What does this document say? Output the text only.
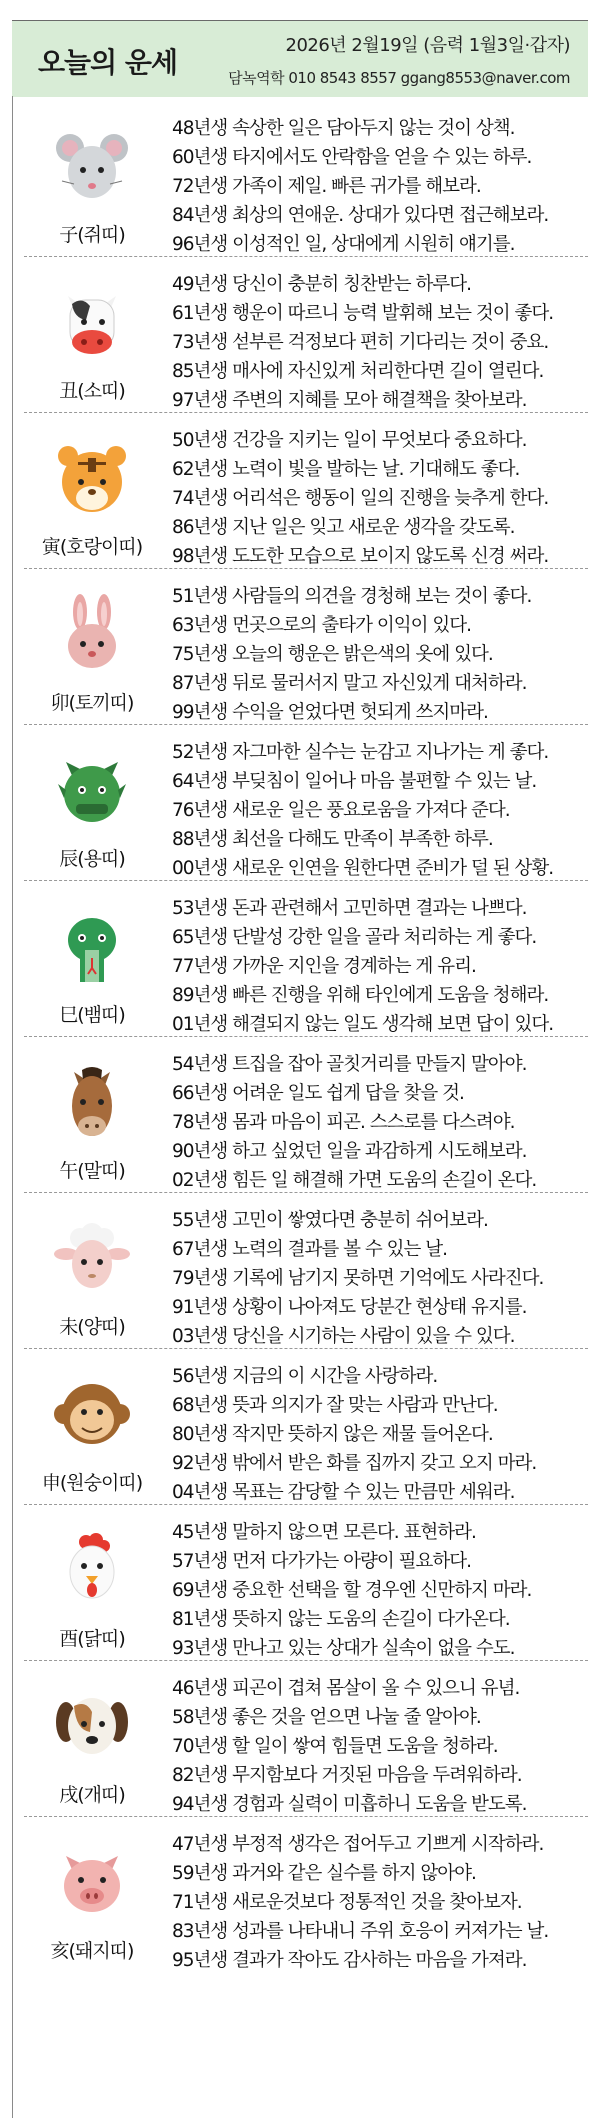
오늘의 운세
2026년 2월19일 (음력 1월3일·갑자)
담녹역학 010 8543 8557 ggang8553@naver.com
子(쥐띠)
48년생 속상한 일은 담아두지 않는 것이 상책.
60년생 타지에서도 안락함을 얻을 수 있는 하루.
72년생 가족이 제일. 빠른 귀가를 해보라.
84년생 최상의 연애운. 상대가 있다면 접근해보라.
96년생 이성적인 일, 상대에게 시원히 얘기를.
丑(소띠)
49년생 당신이 충분히 칭찬받는 하루다.
61년생 행운이 따르니 능력 발휘해 보는 것이 좋다.
73년생 섣부른 걱정보다 편히 기다리는 것이 중요.
85년생 매사에 자신있게 처리한다면 길이 열린다.
97년생 주변의 지혜를 모아 해결책을 찾아보라.
寅(호랑이띠)
50년생 건강을 지키는 일이 무엇보다 중요하다.
62년생 노력이 빛을 발하는 날. 기대해도 좋다.
74년생 어리석은 행동이 일의 진행을 늦추게 한다.
86년생 지난 일은 잊고 새로운 생각을 갖도록.
98년생 도도한 모습으로 보이지 않도록 신경 써라.
卯(토끼띠)
51년생 사람들의 의견을 경청해 보는 것이 좋다.
63년생 먼곳으로의 출타가 이익이 있다.
75년생 오늘의 행운은 밝은색의 옷에 있다.
87년생 뒤로 물러서지 말고 자신있게 대처하라.
99년생 수익을 얻었다면 헛되게 쓰지마라.
辰(용띠)
52년생 자그마한 실수는 눈감고 지나가는 게 좋다.
64년생 부딪침이 일어나 마음 불편할 수 있는 날.
76년생 새로운 일은 풍요로움을 가져다 준다.
88년생 최선을 다해도 만족이 부족한 하루.
00년생 새로운 인연을 원한다면 준비가 덜 된 상황.
巳(뱀띠)
53년생 돈과 관련해서 고민하면 결과는 나쁘다.
65년생 단발성 강한 일을 골라 처리하는 게 좋다.
77년생 가까운 지인을 경계하는 게 유리.
89년생 빠른 진행을 위해 타인에게 도움을 청해라.
01년생 해결되지 않는 일도 생각해 보면 답이 있다.
午(말띠)
54년생 트집을 잡아 골칫거리를 만들지 말아야.
66년생 어려운 일도 쉽게 답을 찾을 것.
78년생 몸과 마음이 피곤. 스스로를 다스려야.
90년생 하고 싶었던 일을 과감하게 시도해보라.
02년생 힘든 일 해결해 가면 도움의 손길이 온다.
未(양띠)
55년생 고민이 쌓였다면 충분히 쉬어보라.
67년생 노력의 결과를 볼 수 있는 날.
79년생 기록에 남기지 못하면 기억에도 사라진다.
91년생 상황이 나아져도 당분간 현상태 유지를.
03년생 당신을 시기하는 사람이 있을 수 있다.
申(원숭이띠)
56년생 지금의 이 시간을 사랑하라.
68년생 뜻과 의지가 잘 맞는 사람과 만난다.
80년생 작지만 뜻하지 않은 재물 들어온다.
92년생 밖에서 받은 화를 집까지 갖고 오지 마라.
04년생 목표는 감당할 수 있는 만큼만 세워라.
酉(닭띠)
45년생 말하지 않으면 모른다. 표현하라.
57년생 먼저 다가가는 아량이 필요하다.
69년생 중요한 선택을 할 경우엔 신만하지 마라.
81년생 뜻하지 않는 도움의 손길이 다가온다.
93년생 만나고 있는 상대가 실속이 없을 수도.
戌(개띠)
46년생 피곤이 겹쳐 몸살이 올 수 있으니 유념.
58년생 좋은 것을 얻으면 나눌 줄 알아야.
70년생 할 일이 쌓여 힘들면 도움을 청하라.
82년생 무지함보다 거짓된 마음을 두려워하라.
94년생 경험과 실력이 미흡하니 도움을 받도록.
亥(돼지띠)
47년생 부정적 생각은 접어두고 기쁘게 시작하라.
59년생 과거와 같은 실수를 하지 않아야.
71년생 새로운것보다 정통적인 것을 찾아보자.
83년생 성과를 나타내니 주위 호응이 커져가는 날.
95년생 결과가 작아도 감사하는 마음을 가져라.
